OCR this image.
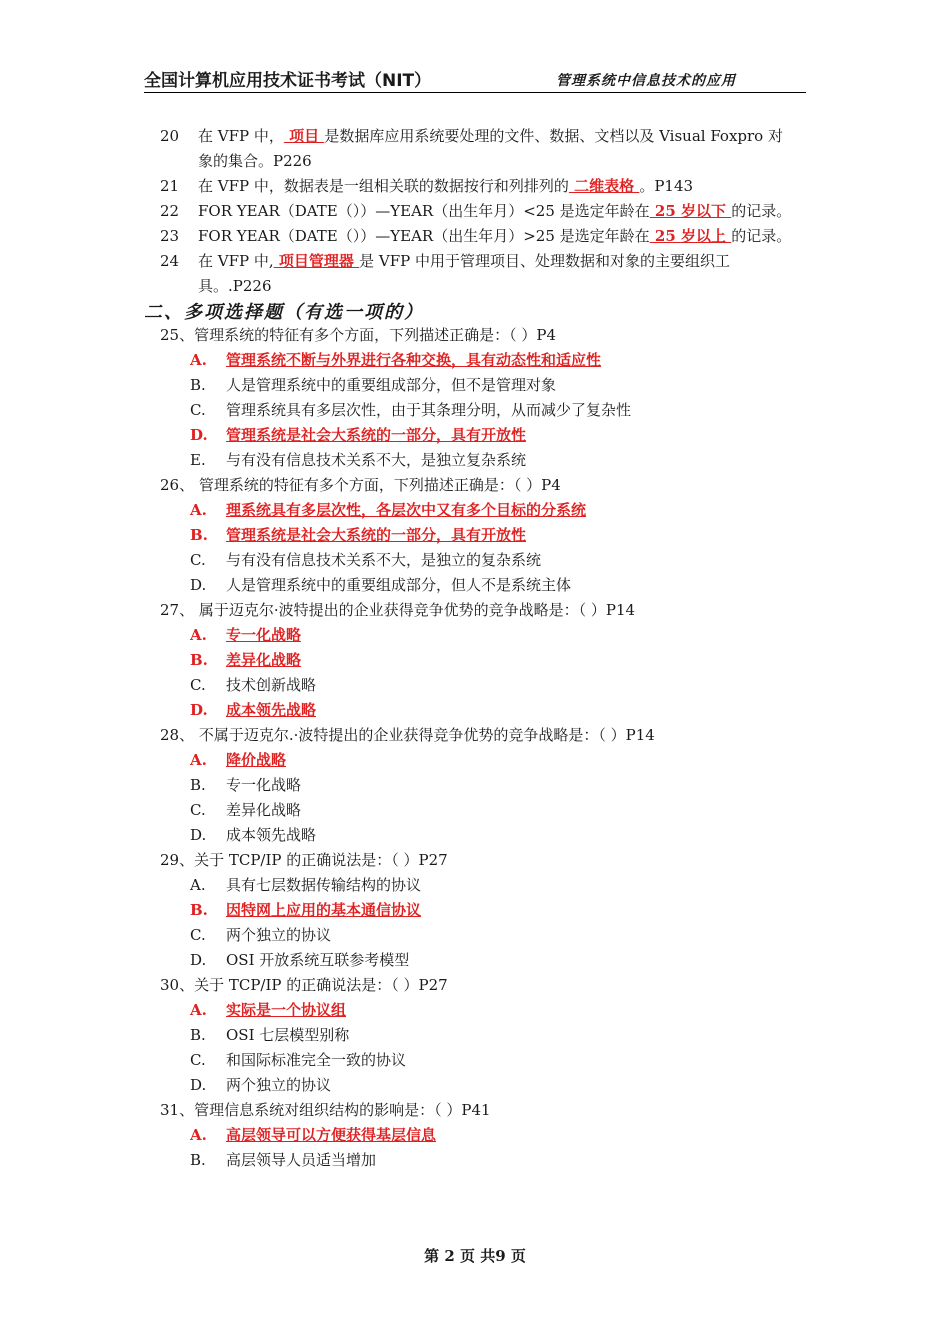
全国计算机应用技术证书考试（NIT）	管理系统中信息技术的应用
20 在 VFP 中， 项目 是数据库应用系统要处理的文件、数据、文档以及 Visual Foxpro 对
象的集合。P226
21 在 VFP 中，数据表是一组相关联的数据按行和列排列的 二维表格 。P143
22 FOR YEAR（DATE（））—YEAR（出生年月）<25 是选定年龄在 25 岁以下 的记录。
23 FOR YEAR（DATE（））—YEAR（出生年月）>25 是选定年龄在 25 岁以上 的记录。
24 在 VFP 中, 项目管理器 是 VFP 中用于管理项目、处理数据和对象的主要组织工
具。.P226
二、多项选择题（有选一项的）
25、管理系统的特征有多个方面，下列描述正确是：（ ）P4
A. 管理系统不断与外界进行各种交换，具有动态性和适应性
B. 人是管理系统中的重要组成部分，但不是管理对象
C. 管理系统具有多层次性，由于其条理分明，从而减少了复杂性
D. 管理系统是社会大系统的一部分，具有开放性
E. 与有没有信息技术关系不大，是独立复杂系统
26、 管理系统的特征有多个方面，下列描述正确是：（ ）P4
A. 理系统具有多层次性，各层次中又有多个目标的分系统
B. 管理系统是社会大系统的一部分，具有开放性
C. 与有没有信息技术关系不大，是独立的复杂系统
D. 人是管理系统中的重要组成部分，但人不是系统主体
27、 属于迈克尔·波特提出的企业获得竞争优势的竞争战略是：（ ）P14
A. 专一化战略
B. 差异化战略
C. 技术创新战略
D. 成本领先战略
28、 不属于迈克尔.·波特提出的企业获得竞争优势的竞争战略是：（ ）P14
A. 降价战略
B. 专一化战略
C. 差异化战略
D. 成本领先战略
29、关于 TCP/IP 的正确说法是：（ ）P27
A. 具有七层数据传输结构的协议
B. 因特网上应用的基本通信协议
C. 两个独立的协议
D. OSI 开放系统互联参考模型
30、关于 TCP/IP 的正确说法是：（ ）P27
A. 实际是一个协议组
B. OSI 七层模型别称
C. 和国际标准完全一致的协议
D. 两个独立的协议
31、管理信息系统对组织结构的影响是：（ ）P41
A. 高层领导可以方便获得基层信息
B. 高层领导人员适当增加
第 2 页 共9 页
